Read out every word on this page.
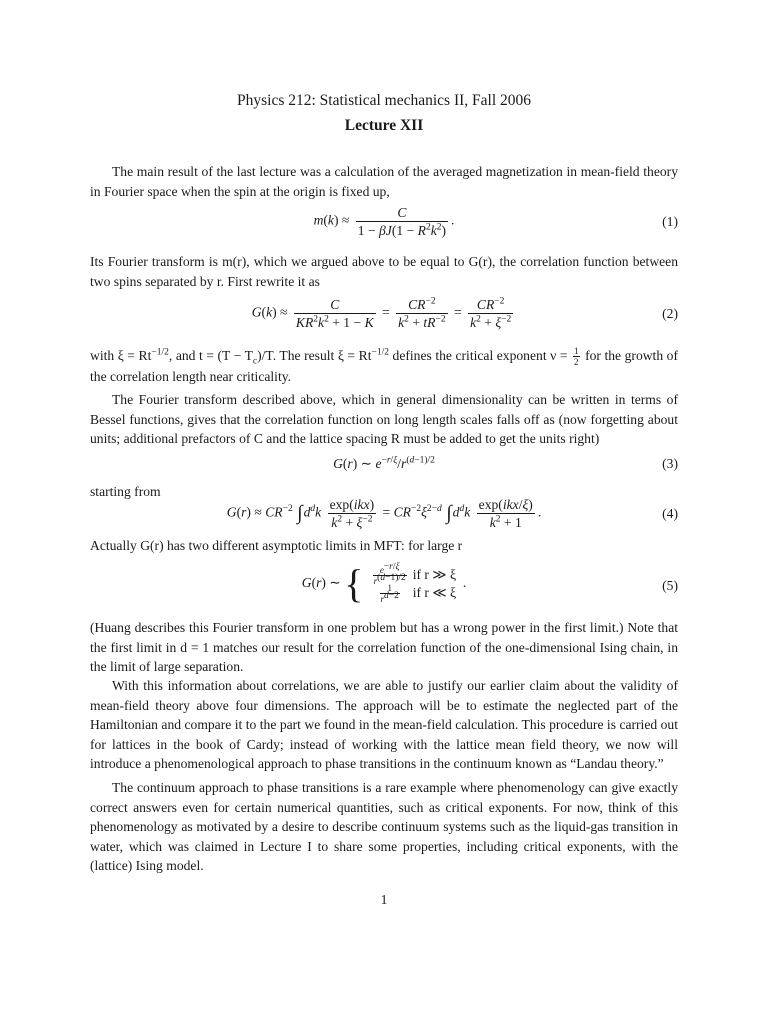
Physics 212: Statistical mechanics II, Fall 2006
Lecture XII

The main result of the last lecture was a calculation of the averaged magnetization in mean-field theory in Fourier space when the spin at the origin is fixed up,

$m(k) \approx \frac{C}{1 - \beta J(1 - R^2k^2)}$ .	(1)

Its Fourier transform is m(r), which we argued above to be equal to G(r), the correlation function between two spins separated by r. First rewrite it as

$G(k) \approx \frac{C}{KR^2k^2 + 1 - K} = \frac{CR^{-2}}{k^2 + tR^{-2}} = \frac{CR^{-2}}{k^2 + \xi^{-2}}$	(2)

with $\xi = Rt^{-1/2}$, and $t = (T - T_c)/T$. The result $\xi = Rt^{-1/2}$ defines the critical exponent $\nu = \frac{1}{2}$ for the growth of the correlation length near criticality.

The Fourier transform described above, which in general dimensionality can be written in terms of Bessel functions, gives that the correlation function on long length scales falls off as (now forgetting about units; additional prefactors of C and the lattice spacing R must be added to get the units right)

G(r) ∼ $e^{-r/\xi}/r^{(d-1)/2}$	(3)

starting from

$G(r) \approx CR^{-2}$ $\int d^dk \frac{\text{exp(ikx)}}{k^2 + \xi^{-2}} = CR^{-2}\xi^{2-d}$ $\int d^dk \frac{\text{exp(ikx/ξ)}}{k^2 + 1}$ .	(4)

Actually G(r) has two different asymptotic limits in MFT: for large r

G(r) ∼ { $\frac{e^{-r/\xi}}{r^{(d-1)/2}}$ if r ≫ ξ
$\frac{1}{r^{d-2}}$ if r ≪ ξ
.	(5)

(Huang describes this Fourier transform in one problem but has a wrong power in the first limit.) Note that the first limit in d = 1 matches our result for the correlation function of the one-dimensional Ising chain, in the limit of large separation.

With this information about correlations, we are able to justify our earlier claim about the validity of mean-field theory above four dimensions. The approach will be to estimate the neglected part of the Hamiltonian and compare it to the part we found in the mean-field calculation. This procedure is carried out for lattices in the book of Cardy; instead of working with the lattice mean field theory, we now will introduce a phenomenological approach to phase transitions in the continuum known as “Landau theory.”

The continuum approach to phase transitions is a rare example where phenomenology can give exactly correct answers even for certain numerical quantities, such as critical exponents. For now, think of this phenomenology as motivated by a desire to describe continuum systems such as the liquid-gas transition in water, which was claimed in Lecture I to share some properties, including critical exponents, with the (lattice) Ising model.

1
